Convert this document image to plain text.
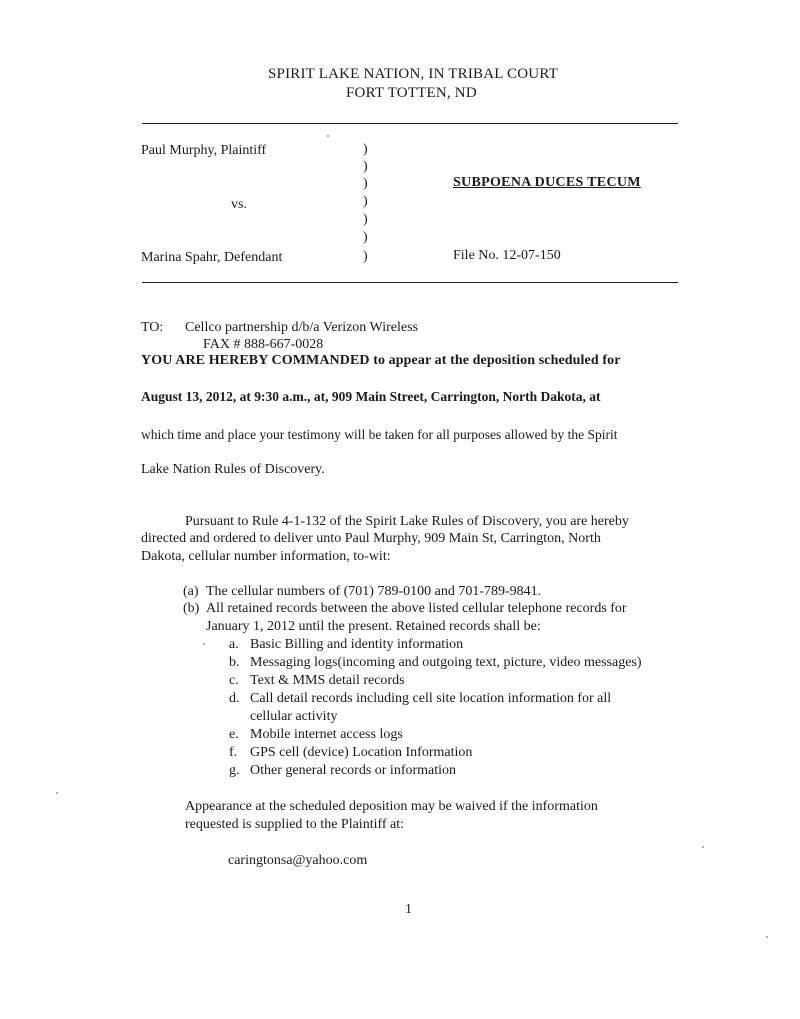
SPIRIT LAKE NATION, IN TRIBAL COURT
FORT TOTTEN, ND
Paul Murphy, Plaintiff
vs.
Marina Spahr, Defendant
)
)
)
)
)
)
)
SUBPOENA DUCES TECUM
File No. 12-07-150
TO: Cellco partnership d/b/a Verizon Wireless
FAX # 888-667-0028
YOU ARE HEREBY COMMANDED to appear at the deposition scheduled for
August 13, 2012, at 9:30 a.m., at, 909 Main Street, Carrington, North Dakota, at
which time and place your testimony will be taken for all purposes allowed by the Spirit
Lake Nation Rules of Discovery.
Pursuant to Rule 4-1-132 of the Spirit Lake Rules of Discovery, you are hereby
directed and ordered to deliver unto Paul Murphy, 909 Main St, Carrington, North
Dakota, cellular number information, to-wit:
(a) The cellular numbers of (701) 789-0100 and 701-789-9841.
(b) All retained records between the above listed cellular telephone records for
January 1, 2012 until the present. Retained records shall be:
a. Basic Billing and identity information
b. Messaging logs(incoming and outgoing text, picture, video messages)
c. Text & MMS detail records
d. Call detail records including cell site location information for all
cellular activity
e. Mobile internet access logs
f. GPS cell (device) Location Information
g. Other general records or information
Appearance at the scheduled deposition may be waived if the information
requested is supplied to the Plaintiff at:
caringtonsa@yahoo.com
1
